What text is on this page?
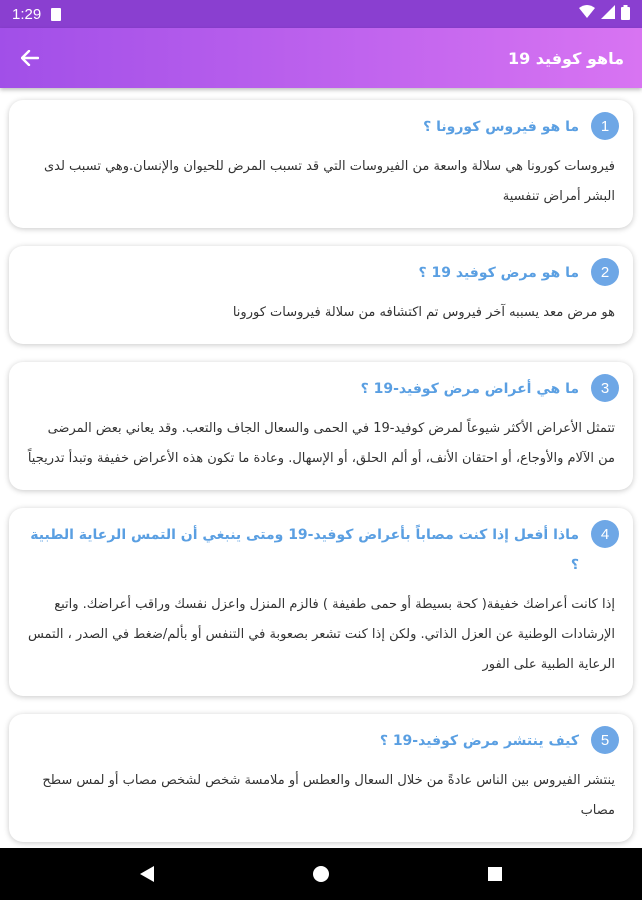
1:29
ماهو كوفيد 19
1
ما هو فيروس كورونا ؟

فيروسات كورونا هي سلالة واسعة من الفيروسات التي قد تسبب المرض للحيوان والإنسان.وهي تسبب لدى البشر أمراض تنفسية

2
ما هو مرض كوفيد 19 ؟

هو مرض معد يسببه آخر فيروس تم اكتشافه من سلالة فيروسات كورونا

3
ما هي أعراض مرض كوفيد-19 ؟

تتمثل الأعراض الأكثر شيوعاً لمرض كوفيد-19 في الحمى والسعال الجاف والتعب. وقد يعاني بعض المرضى من الآلام والأوجاع، أو احتقان الأنف، أو ألم الحلق، أو الإسهال. وعادة ما تكون هذه الأعراض خفيفة وتبدأ تدريجياً

4
ماذا أفعل إذا كنت مصاباً بأعراض كوفيد-19 ومتى ينبغي أن التمس الرعاية الطبية ؟

إذا كانت أعراضك خفيفة( كحة بسيطة أو حمى طفيفة ) فالزم المنزل واعزل نفسك وراقب أعراضك. واتبع الإرشادات الوطنية عن العزل الذاتي. ولكن إذا كنت تشعر بصعوبة في التنفس أو بألم/ضغط في الصدر ، التمس الرعاية الطبية على الفور

5
كيف ينتشر مرض كوفيد-19 ؟

ينتشر الفيروس بين الناس عادةً من خلال السعال والعطس أو ملامسة شخص لشخص مصاب أو لمس سطح مصاب
